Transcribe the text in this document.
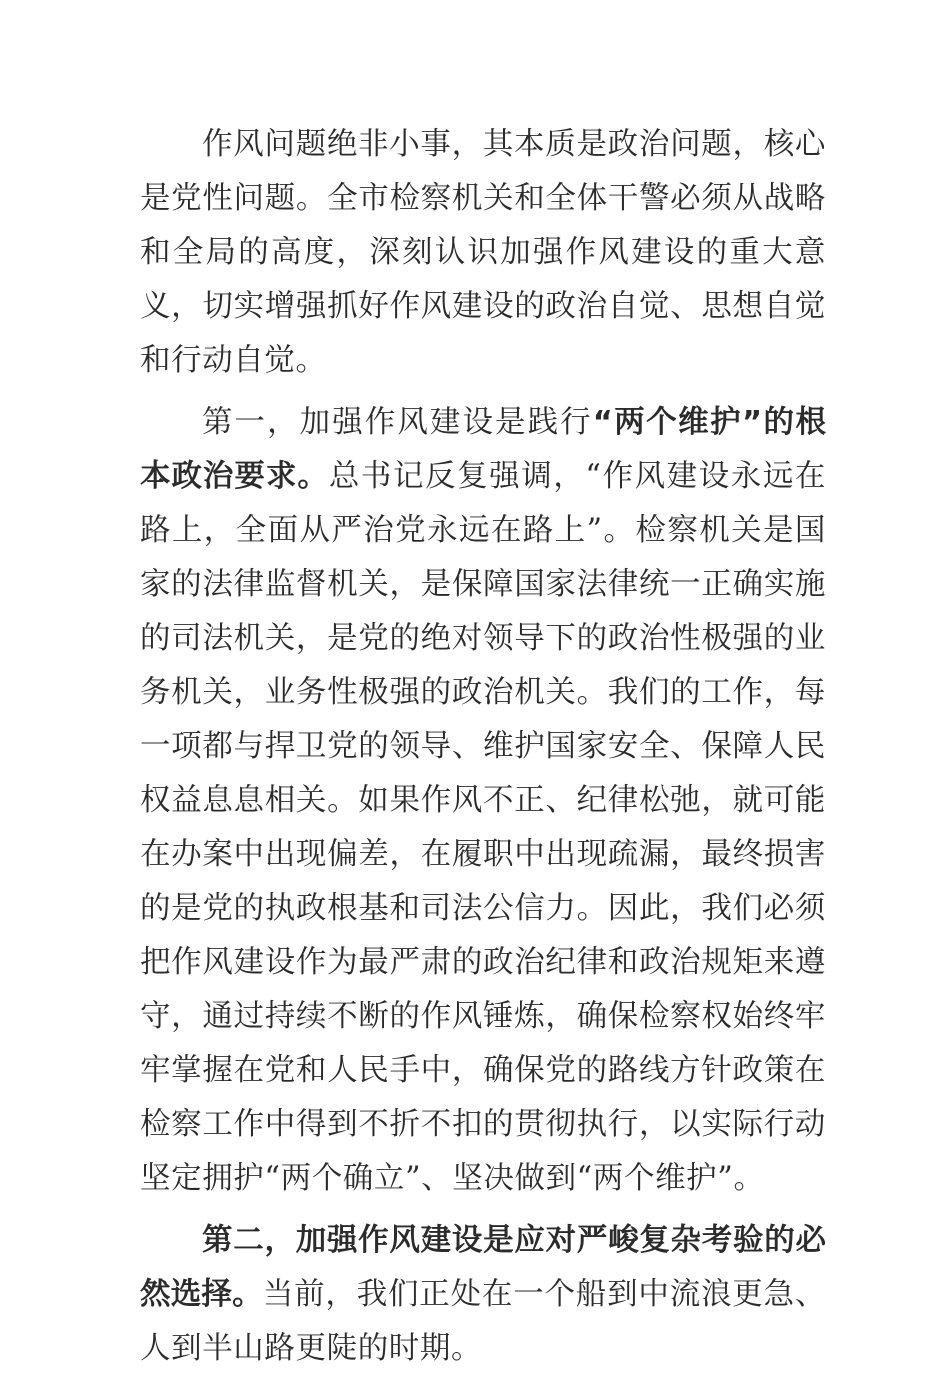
作风问题绝非小事，其本质是政治问题，核心是党性问题。全市检察机关和全体干警必须从战略和全局的高度，深刻认识加强作风建设的重大意义，切实增强抓好作风建设的政治自觉、思想自觉和行动自觉。

第一，加强作风建设是践行“两个维护”的根本政治要求。总书记反复强调，“作风建设永远在路上，全面从严治党永远在路上”。检察机关是国家的法律监督机关，是保障国家法律统一正确实施的司法机关，是党的绝对领导下的政治性极强的业务机关，业务性极强的政治机关。我们的工作，每一项都与捍卫党的领导、维护国家安全、保障人民权益息息相关。如果作风不正、纪律松弛，就可能在办案中出现偏差，在履职中出现疏漏，最终损害的是党的执政根基和司法公信力。因此，我们必须把作风建设作为最严肃的政治纪律和政治规矩来遵守，通过持续不断的作风锤炼，确保检察权始终牢牢掌握在党和人民手中，确保党的路线方针政策在检察工作中得到不折不扣的贯彻执行，以实际行动坚定拥护“两个确立”、坚决做到“两个维护”。

第二，加强作风建设是应对严峻复杂考验的必然选择。当前，我们正处在一个船到中流浪更急、人到半山路更陡的时期。
